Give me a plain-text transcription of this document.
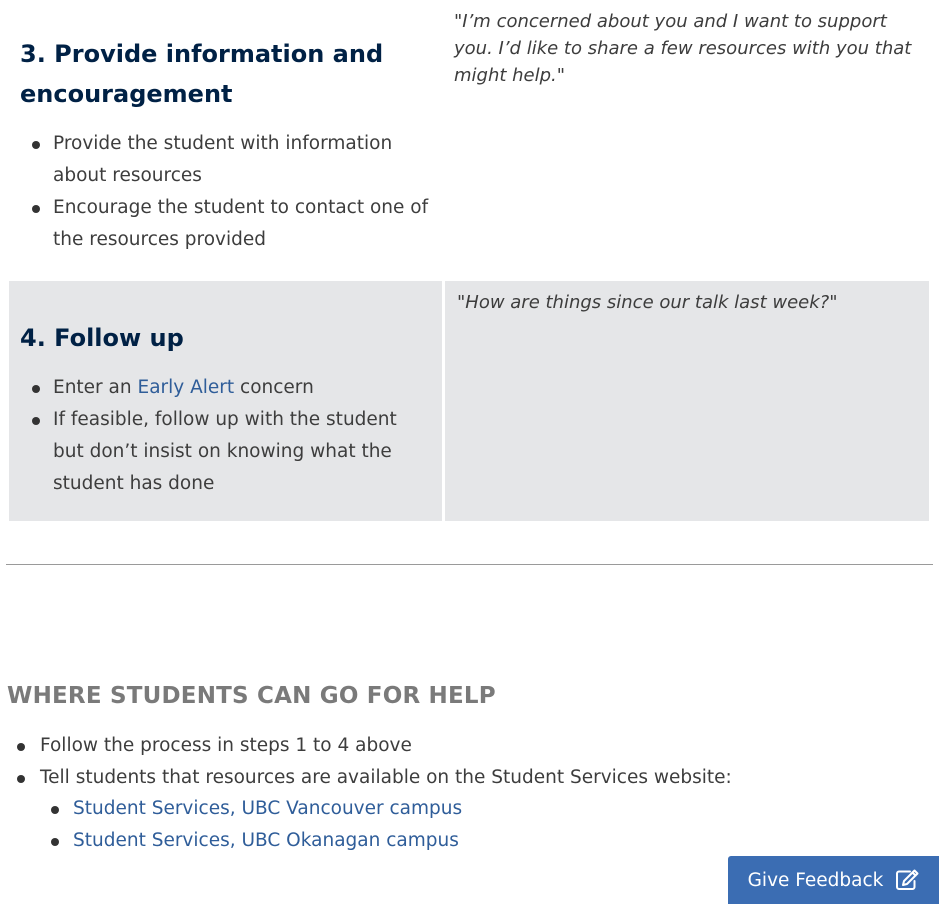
3. Provide information and encouragement
Provide the student with information about resources
Encourage the student to contact one of the resources provided

"I’m concerned about you and I want to support you. I’d like to share a few resources with you that might help."

4. Follow up
Enter an Early Alert concern
If feasible, follow up with the student but don’t insist on knowing what the student has done

"How are things since our talk last week?"

WHERE STUDENTS CAN GO FOR HELP
Follow the process in steps 1 to 4 above
Tell students that resources are available on the Student Services website:
Student Services, UBC Vancouver campus
Student Services, UBC Okanagan campus
Give Feedback
